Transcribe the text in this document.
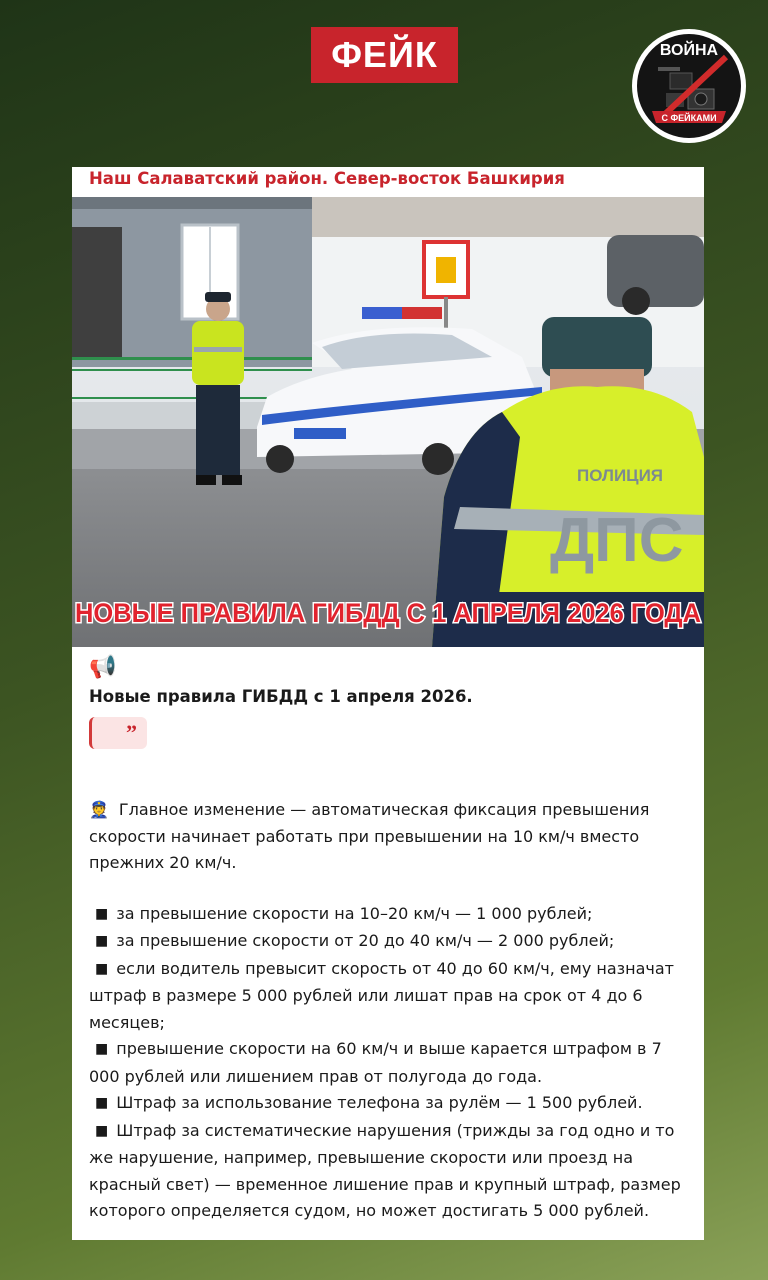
ФЕЙК	ВОЙНА
С ФЕЙКАМИ
Наш Салаватский район. Север-восток Башкирия
ПОЛИЦИЯ
ДПС
НОВЫЕ ПРАВИЛА ГИБДД С 1 АПРЕЛЯ 2026 ГОДА
📢
Новые правила ГИБДД с 1 апреля 2026.
”

👮 Главное изменение — автоматическая фиксация превышения скорости начинает работать при превышении на 10 км/ч вместо прежних 20 км/ч.

■ за превышение скорости на 10–20 км/ч — 1 000 рублей;
■ за превышение скорости от 20 до 40 км/ч — 2 000 рублей;
■ если водитель превысит скорость от 40 до 60 км/ч, ему назначат штраф в размере 5 000 рублей или лишат прав на срок от 4 до 6 месяцев;
■ превышение скорости на 60 км/ч и выше карается штрафом в 7 000 рублей или лишением прав от полугода до года.
■ Штраф за использование телефона за рулём — 1 500 рублей.
■ Штраф за систематические нарушения (трижды за год одно и то же нарушение, например, превышение скорости или проезд на красный свет) — временное лишение прав и крупный штраф, размер которого определяется судом, но может достигать 5 000 рублей.
